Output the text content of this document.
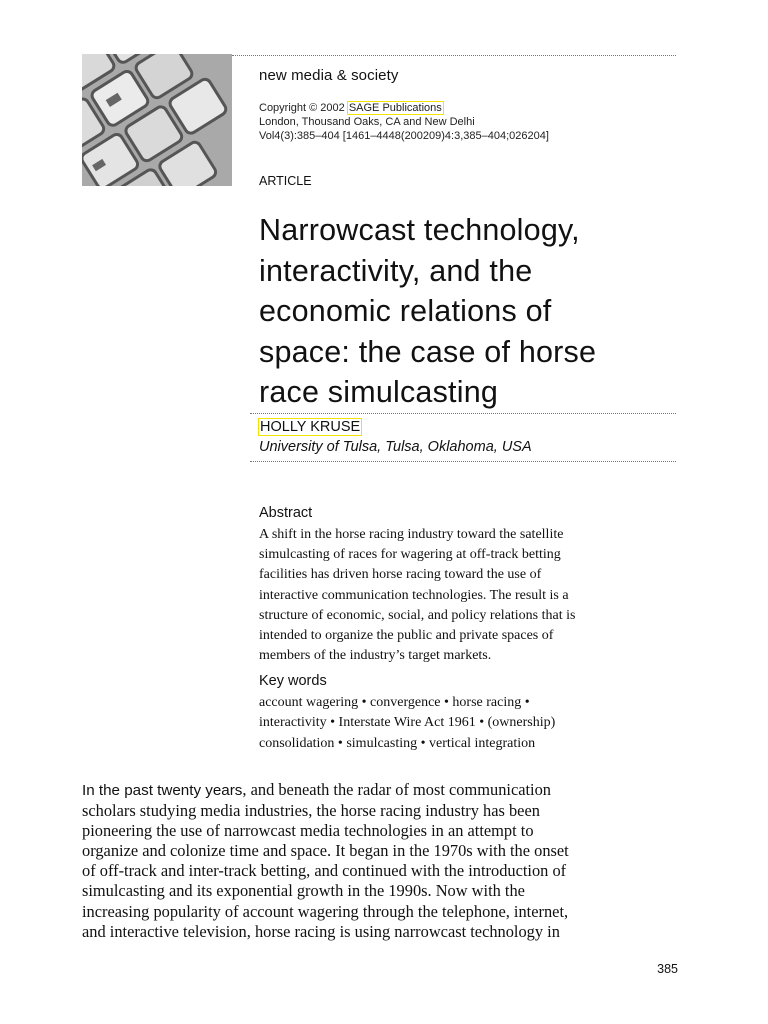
new media & society
Copyright © 2002 SAGE Publications
London, Thousand Oaks, CA and New Delhi
Vol4(3):385–404 [1461–4448(200209)4:3,385–404;026204]
ARTICLE
Narrowcast technology,
interactivity, and the
economic relations of
space: the case of horse
race simulcasting
HOLLY KRUSE
University of Tulsa, Tulsa, Oklahoma, USA
Abstract
A shift in the horse racing industry toward the satellite
simulcasting of races for wagering at off-track betting
facilities has driven horse racing toward the use of
interactive communication technologies. The result is a
structure of economic, social, and policy relations that is
intended to organize the public and private spaces of
members of the industry’s target markets.
Key words
account wagering • convergence • horse racing •
interactivity • Interstate Wire Act 1961 • (ownership)
consolidation • simulcasting • vertical integration
In the past twenty years, and beneath the radar of most communication
scholars studying media industries, the horse racing industry has been
pioneering the use of narrowcast media technologies in an attempt to
organize and colonize time and space. It began in the 1970s with the onset
of off-track and inter-track betting, and continued with the introduction of
simulcasting and its exponential growth in the 1990s. Now with the
increasing popularity of account wagering through the telephone, internet,
and interactive television, horse racing is using narrowcast technology in
385
